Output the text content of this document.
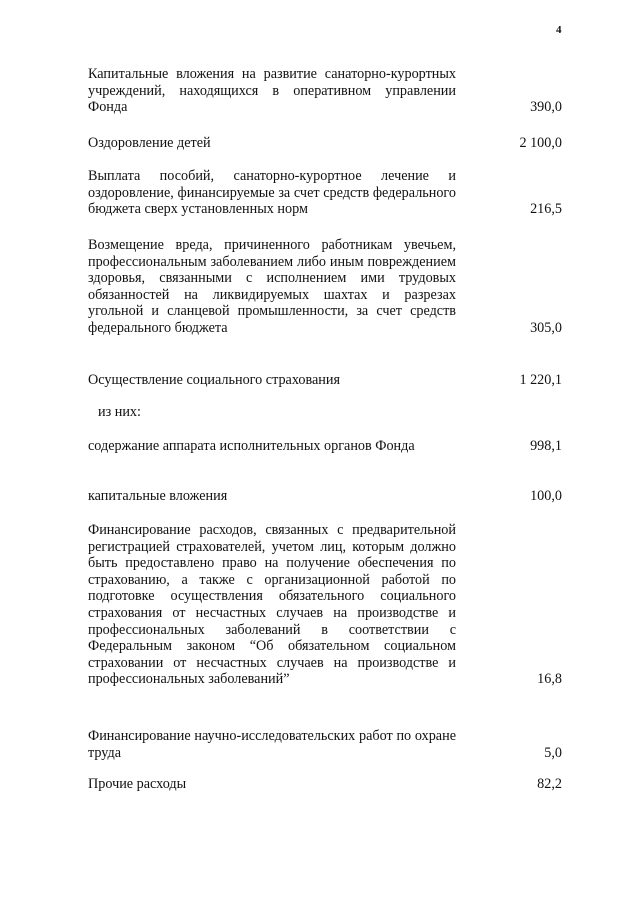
4
Капитальные вложения на развитие санаторно-курортных учреждений, находящихся в оперативном управлении Фонда	390,0
Оздоровление детей	2 100,0
Выплата пособий, санаторно-курортное лечение и оздоровление, финансируемые за счет средств федерального бюджета сверх установленных норм	216,5
Возмещение вреда, причиненного работникам увечьем, профессиональным заболеванием либо иным повреждением здоровья, связанными с исполнением ими трудовых обязанностей на ликвидируемых шахтах и разрезах угольной и сланцевой промышленности, за счет средств федерального бюджета	305,0
Осуществление социального страхования	1 220,1
из них:
содержание аппарата исполнительных органов Фонда	998,1
капитальные вложения	100,0
Финансирование расходов, связанных с предварительной регистрацией страхователей, учетом лиц, которым должно быть предоставлено право на получение обеспечения по страхованию, а также с организационной работой по подготовке осуществления обязательного социального страхования от несчастных случаев на производстве и профессиональных заболеваний в соответствии с Федеральным законом “Об обязательном социальном страховании от несчастных случаев на производстве и профессиональных заболеваний”	16,8
Финансирование научно-исследовательских работ по охране труда	5,0
Прочие расходы	82,2
